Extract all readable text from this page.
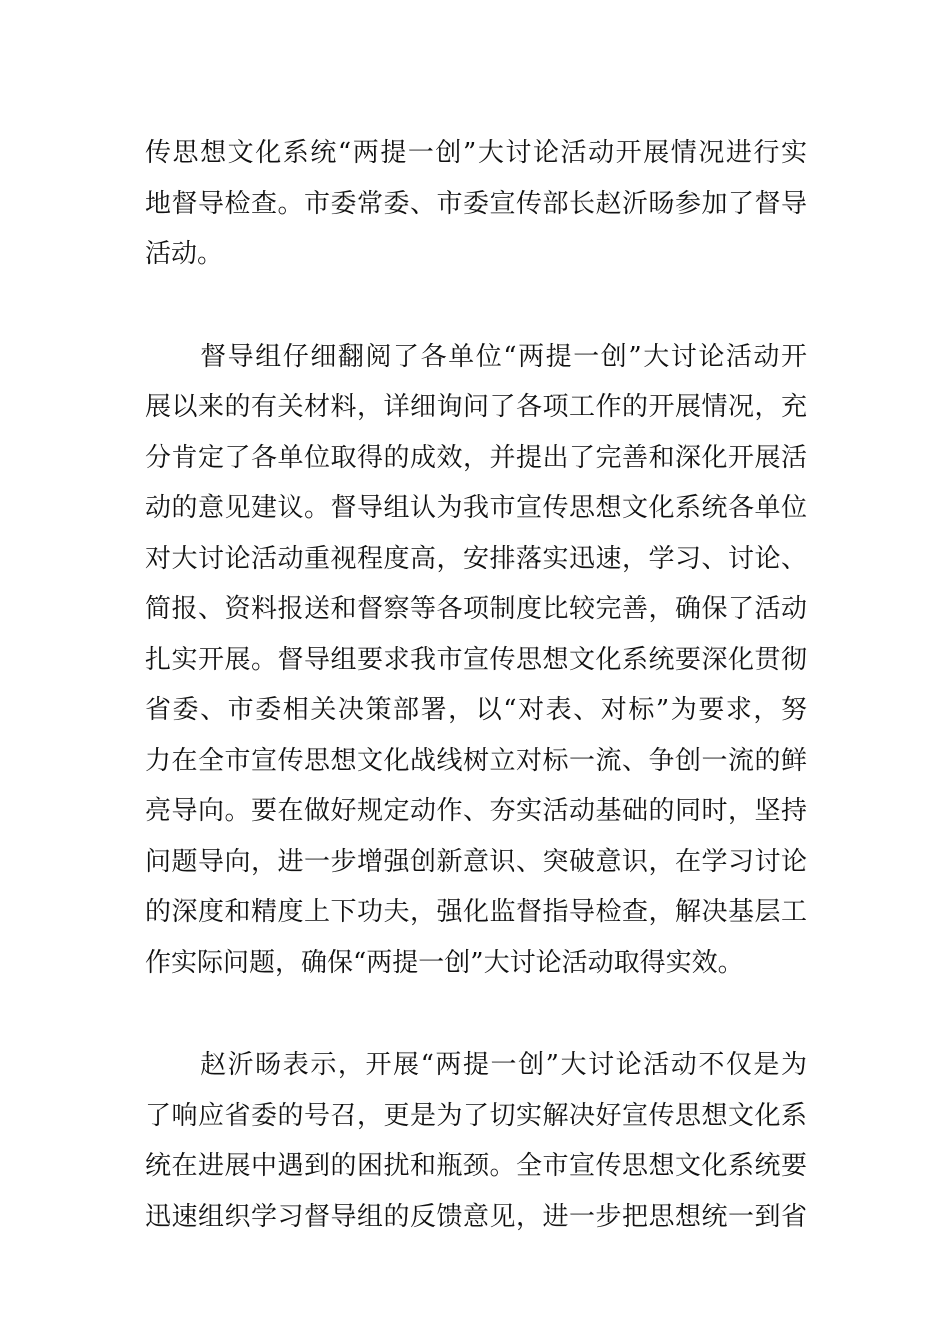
传思想文化系统“两提一创”大讨论活动开展情况进行实
地督导检查。市委常委、市委宣传部长赵沂旸参加了督导
活动。
　　督导组仔细翻阅了各单位“两提一创”大讨论活动开
展以来的有关材料，详细询问了各项工作的开展情况，充
分肯定了各单位取得的成效，并提出了完善和深化开展活
动的意见建议。督导组认为我市宣传思想文化系统各单位
对大讨论活动重视程度高，安排落实迅速，学习、讨论、
简报、资料报送和督察等各项制度比较完善，确保了活动
扎实开展。督导组要求我市宣传思想文化系统要深化贯彻
省委、市委相关决策部署，以“对表、对标”为要求，努
力在全市宣传思想文化战线树立对标一流、争创一流的鲜
亮导向。要在做好规定动作、夯实活动基础的同时，坚持
问题导向，进一步增强创新意识、突破意识，在学习讨论
的深度和精度上下功夫，强化监督指导检查，解决基层工
作实际问题，确保“两提一创”大讨论活动取得实效。
　　赵沂旸表示，开展“两提一创”大讨论活动不仅是为
了响应省委的号召，更是为了切实解决好宣传思想文化系
统在进展中遇到的困扰和瓶颈。全市宣传思想文化系统要
迅速组织学习督导组的反馈意见，进一步把思想统一到省
